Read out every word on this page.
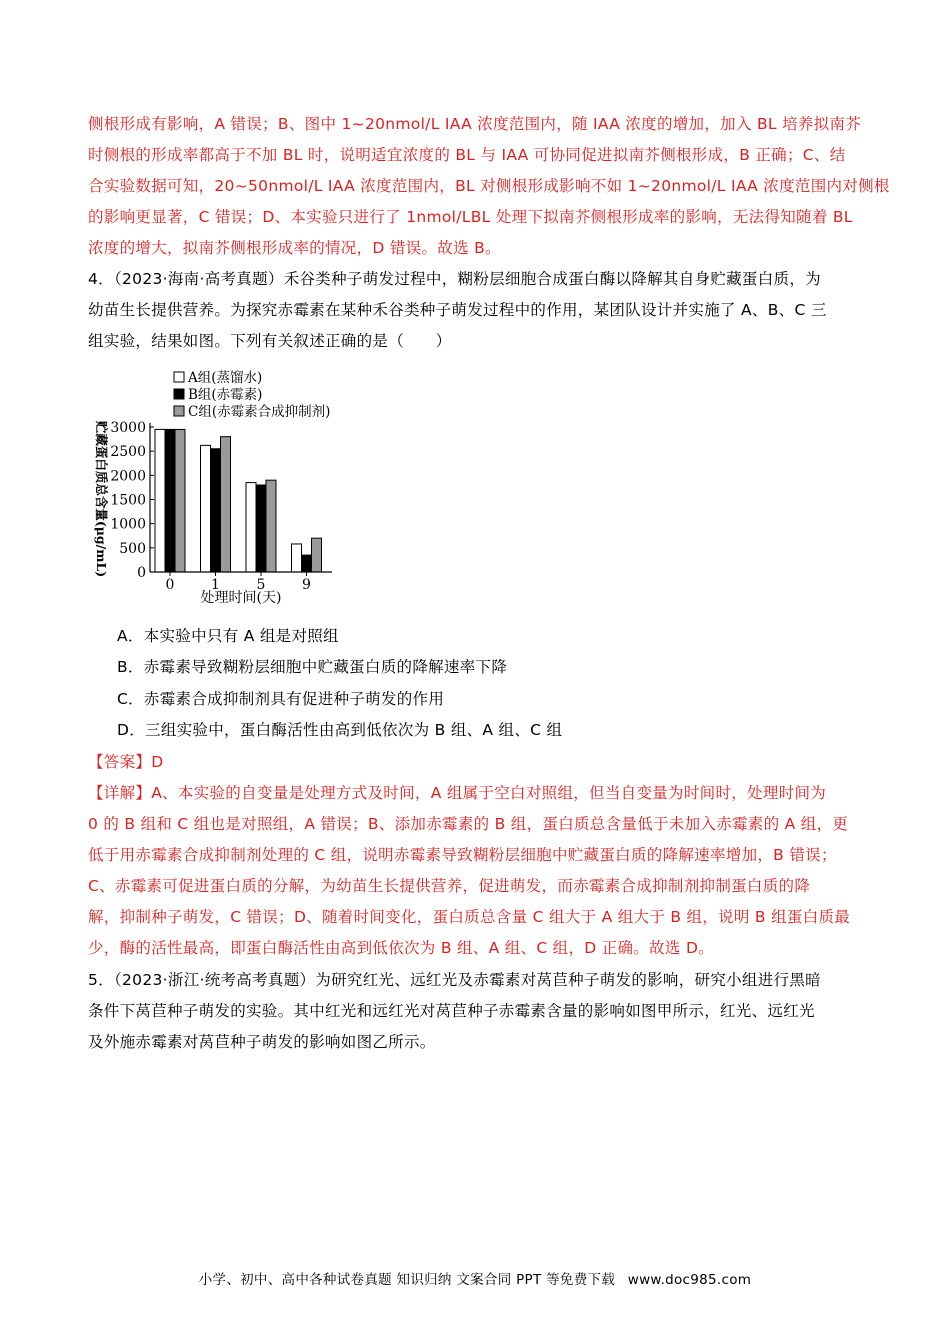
侧根形成有影响，A 错误；B、图中 1~20nmol/L IAA 浓度范围内，随 IAA 浓度的增加，加入 BL 培养拟南芥
时侧根的形成率都高于不加 BL 时，说明适宜浓度的 BL 与 IAA 可协同促进拟南芥侧根形成，B 正确；C、结
合实验数据可知，20~50nmol/L IAA 浓度范围内，BL 对侧根形成影响不如 1~20nmol/L IAA 浓度范围内对侧根
的影响更显著，C 错误；D、本实验只进行了 1nmol/LBL 处理下拟南芥侧根形成率的影响，无法得知随着 BL
浓度的增大，拟南芥侧根形成率的情况，D 错误。故选 B。
4．（2023·海南·高考真题）禾谷类种子萌发过程中，糊粉层细胞合成蛋白酶以降解其自身贮藏蛋白质，为
幼苗生长提供营养。为探究赤霉素在某种禾谷类种子萌发过程中的作用，某团队设计并实施了 A、B、C 三
组实验，结果如图。下列有关叙述正确的是（　　）
A组(蒸馏水)
B组(赤霉素)
C组(赤霉素合成抑制剂)
贮藏蛋白质总含量(μg/mL) 3000
2500
2000
1500
1000
500
0
0	1	5	9
处理时间(天)
A．本实验中只有 A 组是对照组
B．赤霉素导致糊粉层细胞中贮藏蛋白质的降解速率下降
C．赤霉素合成抑制剂具有促进种子萌发的作用
D．三组实验中，蛋白酶活性由高到低依次为 B 组、A 组、C 组
【答案】D
【详解】A、本实验的自变量是处理方式及时间，A 组属于空白对照组，但当自变量为时间时，处理时间为
0 的 B 组和 C 组也是对照组，A 错误；B、添加赤霉素的 B 组，蛋白质总含量低于未加入赤霉素的 A 组，更
低于用赤霉素合成抑制剂处理的 C 组，说明赤霉素导致糊粉层细胞中贮藏蛋白质的降解速率增加，B 错误；
C、赤霉素可促进蛋白质的分解，为幼苗生长提供营养，促进萌发，而赤霉素合成抑制剂抑制蛋白质的降
解，抑制种子萌发，C 错误；D、随着时间变化，蛋白质总含量 C 组大于 A 组大于 B 组，说明 B 组蛋白质最
少，酶的活性最高，即蛋白酶活性由高到低依次为 B 组、A 组、C 组，D 正确。故选 D。
5．（2023·浙江·统考高考真题）为研究红光、远红光及赤霉素对莴苣种子萌发的影响，研究小组进行黑暗
条件下莴苣种子萌发的实验。其中红光和远红光对莴苣种子赤霉素含量的影响如图甲所示，红光、远红光
及外施赤霉素对莴苣种子萌发的影响如图乙所示。
小学、初中、高中各种试卷真题 知识归纳 文案合同 PPT 等免费下载 www.doc985.com
